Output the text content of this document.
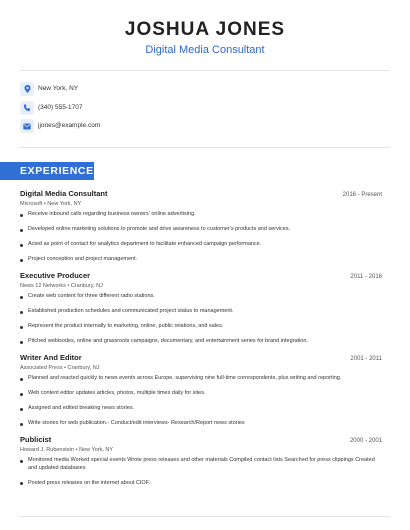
JOSHUA JONES
Digital Media Consultant
New York, NY
(340) 555-1707
jjones@example.com
EXPERIENCE
Digital Media Consultant	2016 - Present
Microsoft • New York, NY
Receive inbound calls regarding business owners' online advertising.
Developed online marketing solutions to promote and drive awareness to customer's products and services.
Acted as point of contact for analytics department to facilitate enhanced campaign performance.
Project conception and project management.
Executive Producer	2011 - 2016
News 12 Networks • Cranbury, NJ
Create web content for three different radio stations.
Established production schedules and communicated project status to management.
Represent the product internally to marketing, online, public relations, and sales.
Pitched webisodes, online and grassroots campaigns, documentary, and entertainment series for brand integration.
Writer And Editor	2001 - 2011
Associated Press • Cranbury, NJ
Planned and reacted quickly to news events across Europe, supervising nine full-time correspondents, plus writing and reporting.
Web content editor updates articles, photos, multiple times daily for sites.
Assigned and edited breaking news stories.
Write stories for web publication.- Conduct/edit interviews- Research/Report news stories
Publicist	2000 - 2001
Howard J. Rubenstein • New York, NY
Monitored media Worked special events Wrote press releases and other materials Compiled contact lists Searched for press clippings Created and updated databases
Posted press releases on the internet about CIOF.
